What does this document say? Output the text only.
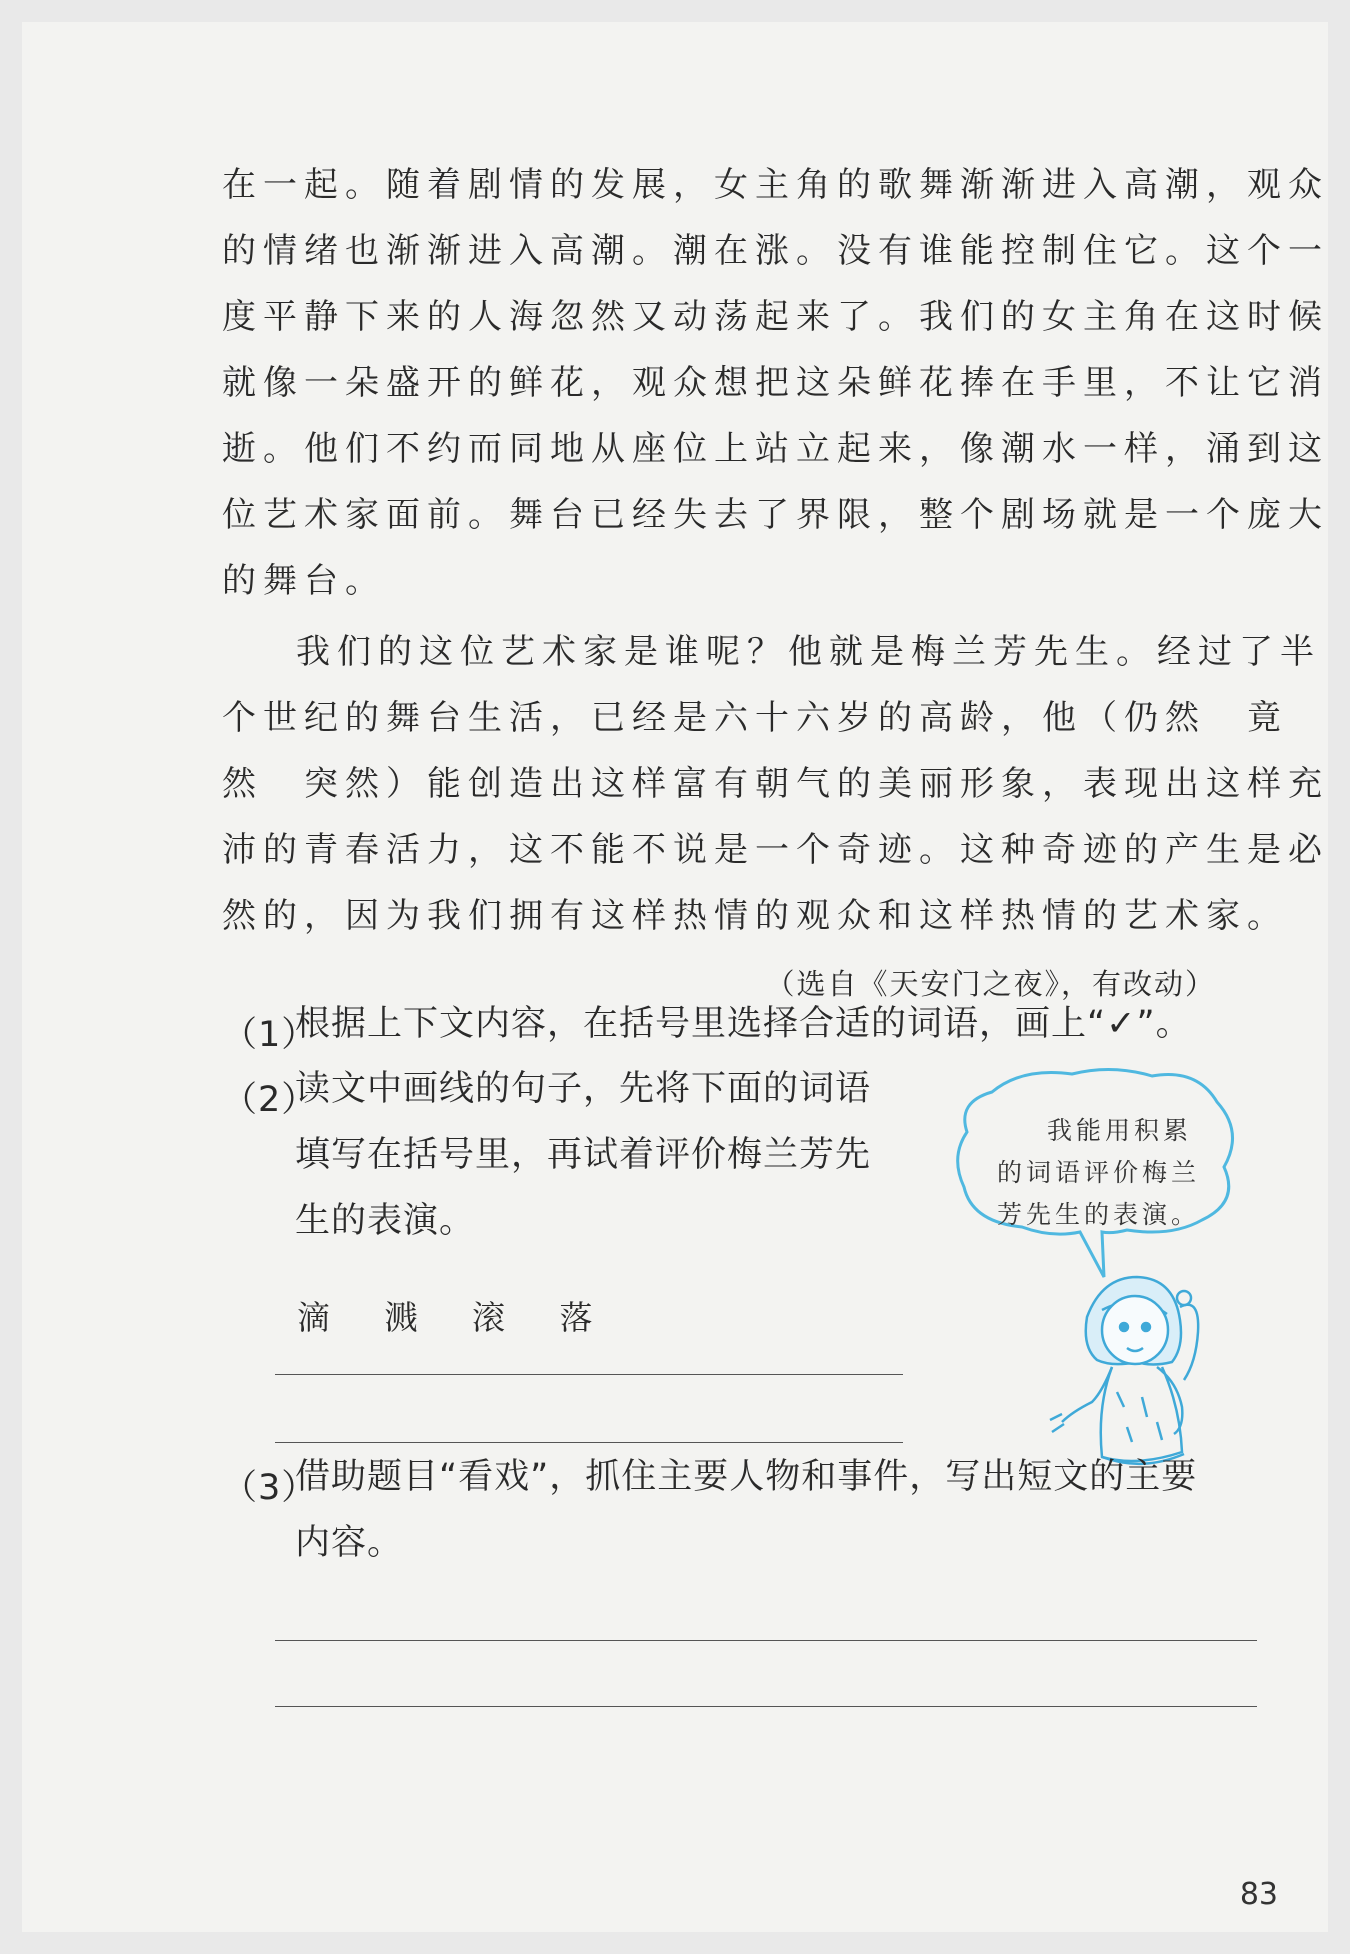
在一起。随着剧情的发展，女主角的歌舞渐渐进入高潮，观众
的情绪也渐渐进入高潮。潮在涨。没有谁能控制住它。这个一
度平静下来的人海忽然又动荡起来了。我们的女主角在这时候
就像一朵盛开的鲜花，观众想把这朵鲜花捧在手里，不让它消
逝。他们不约而同地从座位上站立起来，像潮水一样，涌到这
位艺术家面前。舞台已经失去了界限，整个剧场就是一个庞大
的舞台。
我们的这位艺术家是谁呢？他就是梅兰芳先生。经过了半
个世纪的舞台生活，已经是六十六岁的高龄，他（仍然　竟
然　突然）能创造出这样富有朝气的美丽形象，表现出这样充
沛的青春活力，这不能不说是一个奇迹。这种奇迹的产生是必
然的，因为我们拥有这样热情的观众和这样热情的艺术家。
（选自《天安门之夜》，有改动）
（1）
根据上下文内容，在括号里选择合适的词语，画上“✓”。
（2）
读文中画线的句子，先将下面的词语
填写在括号里，再试着评价梅兰芳先
生的表演。
滴 溅 滚 落
我能用积累
的词语评价梅兰
芳先生的表演。
（3）
借助题目“看戏”，抓住主要人物和事件，写出短文的主要
内容。
83
